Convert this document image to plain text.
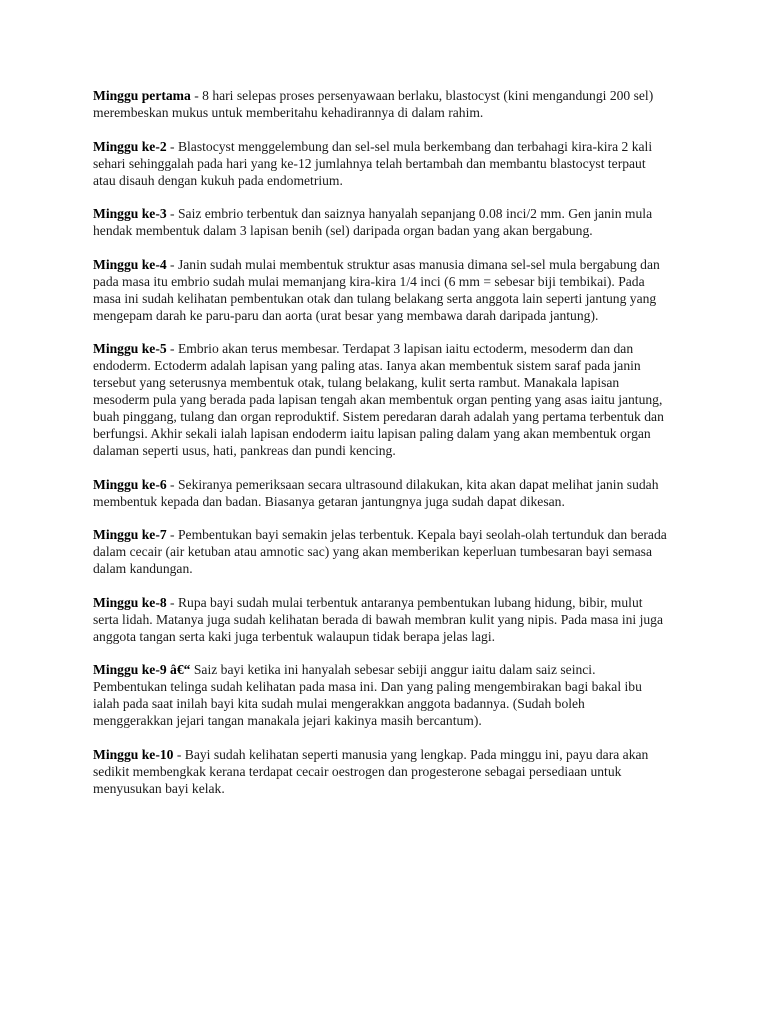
Minggu pertama - 8 hari selepas proses persenyawaan berlaku, blastocyst (kini mengandungi 200 sel) merembeskan mukus untuk memberitahu kehadirannya di dalam rahim.

Minggu ke-2 - Blastocyst menggelembung dan sel-sel mula berkembang dan terbahagi kira-kira 2 kali sehari sehinggalah pada hari yang ke-12 jumlahnya telah bertambah dan membantu blastocyst terpaut atau disauh dengan kukuh pada endometrium.

Minggu ke-3 - Saiz embrio terbentuk dan saiznya hanyalah sepanjang 0.08 inci/2 mm. Gen janin mula hendak membentuk dalam 3 lapisan benih (sel) daripada organ badan yang akan bergabung.

Minggu ke-4 - Janin sudah mulai membentuk struktur asas manusia dimana sel-sel mula bergabung dan pada masa itu embrio sudah mulai memanjang kira-kira 1/4 inci (6 mm = sebesar biji tembikai). Pada masa ini sudah kelihatan pembentukan otak dan tulang belakang serta anggota lain seperti jantung yang mengepam darah ke paru-paru dan aorta (urat besar yang membawa darah daripada jantung).

Minggu ke-5 - Embrio akan terus membesar. Terdapat 3 lapisan iaitu ectoderm, mesoderm dan dan endoderm. Ectoderm adalah lapisan yang paling atas. Ianya akan membentuk sistem saraf pada janin tersebut yang seterusnya membentuk otak, tulang belakang, kulit serta rambut. Manakala lapisan mesoderm pula yang berada pada lapisan tengah akan membentuk organ penting yang asas iaitu jantung, buah pinggang, tulang dan organ reproduktif. Sistem peredaran darah adalah yang pertama terbentuk dan berfungsi. Akhir sekali ialah lapisan endoderm iaitu lapisan paling dalam yang akan membentuk organ dalaman seperti usus, hati, pankreas dan pundi kencing.

Minggu ke-6 - Sekiranya pemeriksaan secara ultrasound dilakukan, kita akan dapat melihat janin sudah membentuk kepada dan badan. Biasanya getaran jantungnya juga sudah dapat dikesan.

Minggu ke-7 - Pembentukan bayi semakin jelas terbentuk. Kepala bayi seolah-olah tertunduk dan berada dalam cecair (air ketuban atau amnotic sac) yang akan memberikan keperluan tumbesaran bayi semasa dalam kandungan.

Minggu ke-8 - Rupa bayi sudah mulai terbentuk antaranya pembentukan lubang hidung, bibir, mulut serta lidah. Matanya juga sudah kelihatan berada di bawah membran kulit yang nipis. Pada masa ini juga anggota tangan serta kaki juga terbentuk walaupun tidak berapa jelas lagi.

Minggu ke-9 â€“ Saiz bayi ketika ini hanyalah sebesar sebiji anggur iaitu dalam saiz seinci. Pembentukan telinga sudah kelihatan pada masa ini. Dan yang paling mengembirakan bagi bakal ibu ialah pada saat inilah bayi kita sudah mulai mengerakkan anggota badannya. (Sudah boleh menggerakkan jejari tangan manakala jejari kakinya masih bercantum).

Minggu ke-10 - Bayi sudah kelihatan seperti manusia yang lengkap. Pada minggu ini, payu dara akan sedikit membengkak kerana terdapat cecair oestrogen dan progesterone sebagai persediaan untuk menyusukan bayi kelak.
